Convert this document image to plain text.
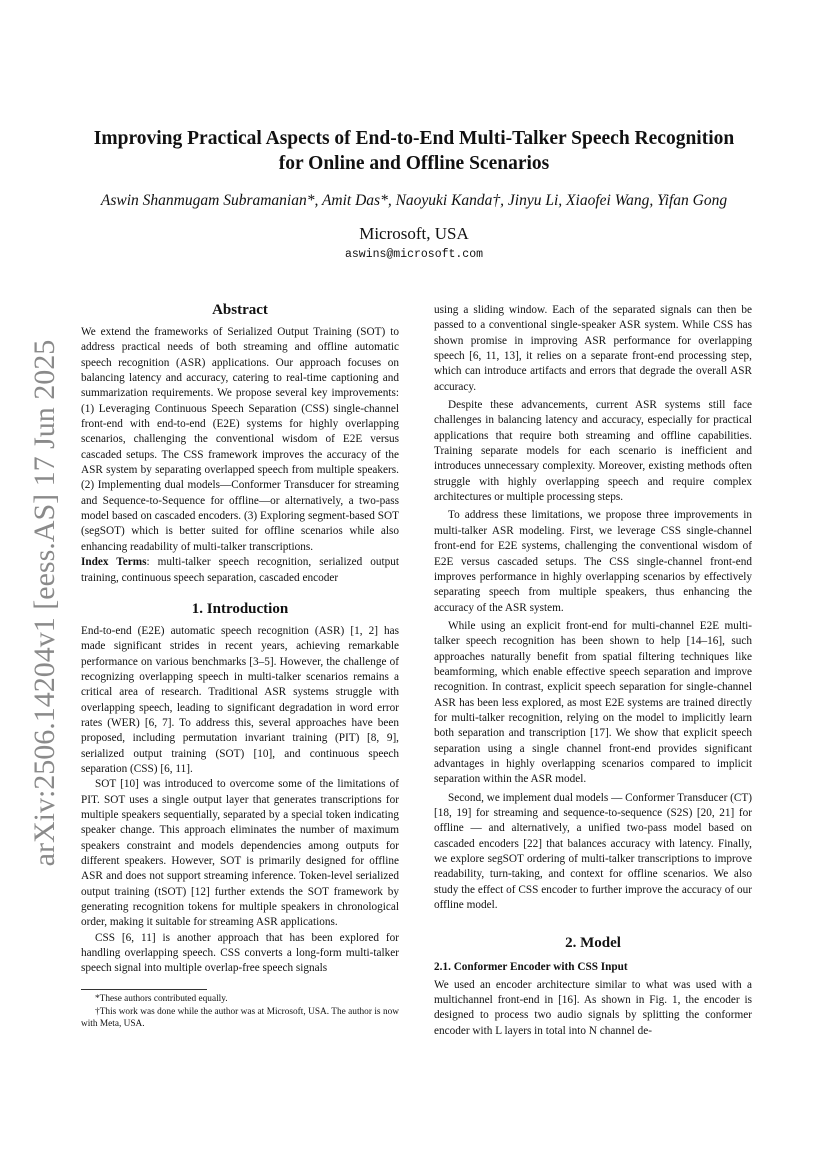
arXiv:2506.14204v1 [eess.AS] 17 Jun 2025
Improving Practical Aspects of End-to-End Multi-Talker Speech Recognition
for Online and Offline Scenarios
Aswin Shanmugam Subramanian*, Amit Das*, Naoyuki Kanda†, Jinyu Li, Xiaofei Wang, Yifan Gong
Microsoft, USA
aswins@microsoft.com
Abstract

We extend the frameworks of Serialized Output Training (SOT) to address practical needs of both streaming and offline automatic speech recognition (ASR) applications. Our approach focuses on balancing latency and accuracy, catering to real-time captioning and summarization requirements. We propose several key improvements: (1) Leveraging Continuous Speech Separation (CSS) single-channel front-end with end-to-end (E2E) systems for highly overlapping scenarios, challenging the conventional wisdom of E2E versus cascaded setups. The CSS framework improves the accuracy of the ASR system by separating overlapped speech from multiple speakers. (2) Implementing dual models—Conformer Transducer for streaming and Sequence-to-Sequence for offline—or alternatively, a two-pass model based on cascaded encoders. (3) Exploring segment-based SOT (segSOT) which is better suited for offline scenarios while also enhancing readability of multi-talker transcriptions.

Index Terms: multi-talker speech recognition, serialized output training, continuous speech separation, cascaded encoder

1. Introduction

End-to-end (E2E) automatic speech recognition (ASR) [1, 2] has made significant strides in recent years, achieving remarkable performance on various benchmarks [3–5]. However, the challenge of recognizing overlapping speech in multi-talker scenarios remains a critical area of research. Traditional ASR systems struggle with overlapping speech, leading to significant degradation in word error rates (WER) [6, 7]. To address this, several approaches have been proposed, including permutation invariant training (PIT) [8, 9], serialized output training (SOT) [10], and continuous speech separation (CSS) [6, 11].

SOT [10] was introduced to overcome some of the limitations of PIT. SOT uses a single output layer that generates transcriptions for multiple speakers sequentially, separated by a special token indicating speaker change. This approach eliminates the number of maximum speakers constraint and models dependencies among outputs for different speakers. However, SOT is primarily designed for offline ASR and does not support streaming inference. Token-level serialized output training (tSOT) [12] further extends the SOT framework by generating recognition tokens for multiple speakers in chronological order, making it suitable for streaming ASR applications.

CSS [6, 11] is another approach that has been explored for handling overlapping speech. CSS converts a long-form multi-talker speech signal into multiple overlap-free speech signals

using a sliding window. Each of the separated signals can then be passed to a conventional single-speaker ASR system. While CSS has shown promise in improving ASR performance for overlapping speech [6, 11, 13], it relies on a separate front-end processing step, which can introduce artifacts and errors that degrade the overall ASR accuracy.

Despite these advancements, current ASR systems still face challenges in balancing latency and accuracy, especially for practical applications that require both streaming and offline capabilities. Training separate models for each scenario is inefficient and introduces unnecessary complexity. Moreover, existing methods often struggle with highly overlapping speech and require complex architectures or multiple processing steps.

To address these limitations, we propose three improvements in multi-talker ASR modeling. First, we leverage CSS single-channel front-end for E2E systems, challenging the conventional wisdom of E2E versus cascaded setups. The CSS single-channel front-end improves performance in highly overlapping scenarios by effectively separating speech from multiple speakers, thus enhancing the accuracy of the ASR system.

While using an explicit front-end for multi-channel E2E multi-talker speech recognition has been shown to help [14–16], such approaches naturally benefit from spatial filtering techniques like beamforming, which enable effective speech separation and improve recognition. In contrast, explicit speech separation for single-channel ASR has been less explored, as most E2E systems are trained directly for multi-talker recognition, relying on the model to implicitly learn both separation and transcription [17]. We show that explicit speech separation using a single channel front-end provides significant advantages in highly overlapping scenarios compared to implicit separation within the ASR model.

Second, we implement dual models — Conformer Transducer (CT) [18, 19] for streaming and sequence-to-sequence (S2S) [20, 21] for offline — and alternatively, a unified two-pass model based on cascaded encoders [22] that balances accuracy with latency. Finally, we explore segSOT ordering of multi-talker transcriptions to improve readability, turn-taking, and context for offline scenarios. We also study the effect of CSS encoder to further improve the accuracy of our offline model.

2. Model
2.1. Conformer Encoder with CSS Input

We used an encoder architecture similar to what was used with a multichannel front-end in [16]. As shown in Fig. 1, the encoder is designed to process two audio signals by splitting the conformer encoder with L layers in total into N channel de-

*These authors contributed equally.

†This work was done while the author was at Microsoft, USA. The author is now with Meta, USA.
